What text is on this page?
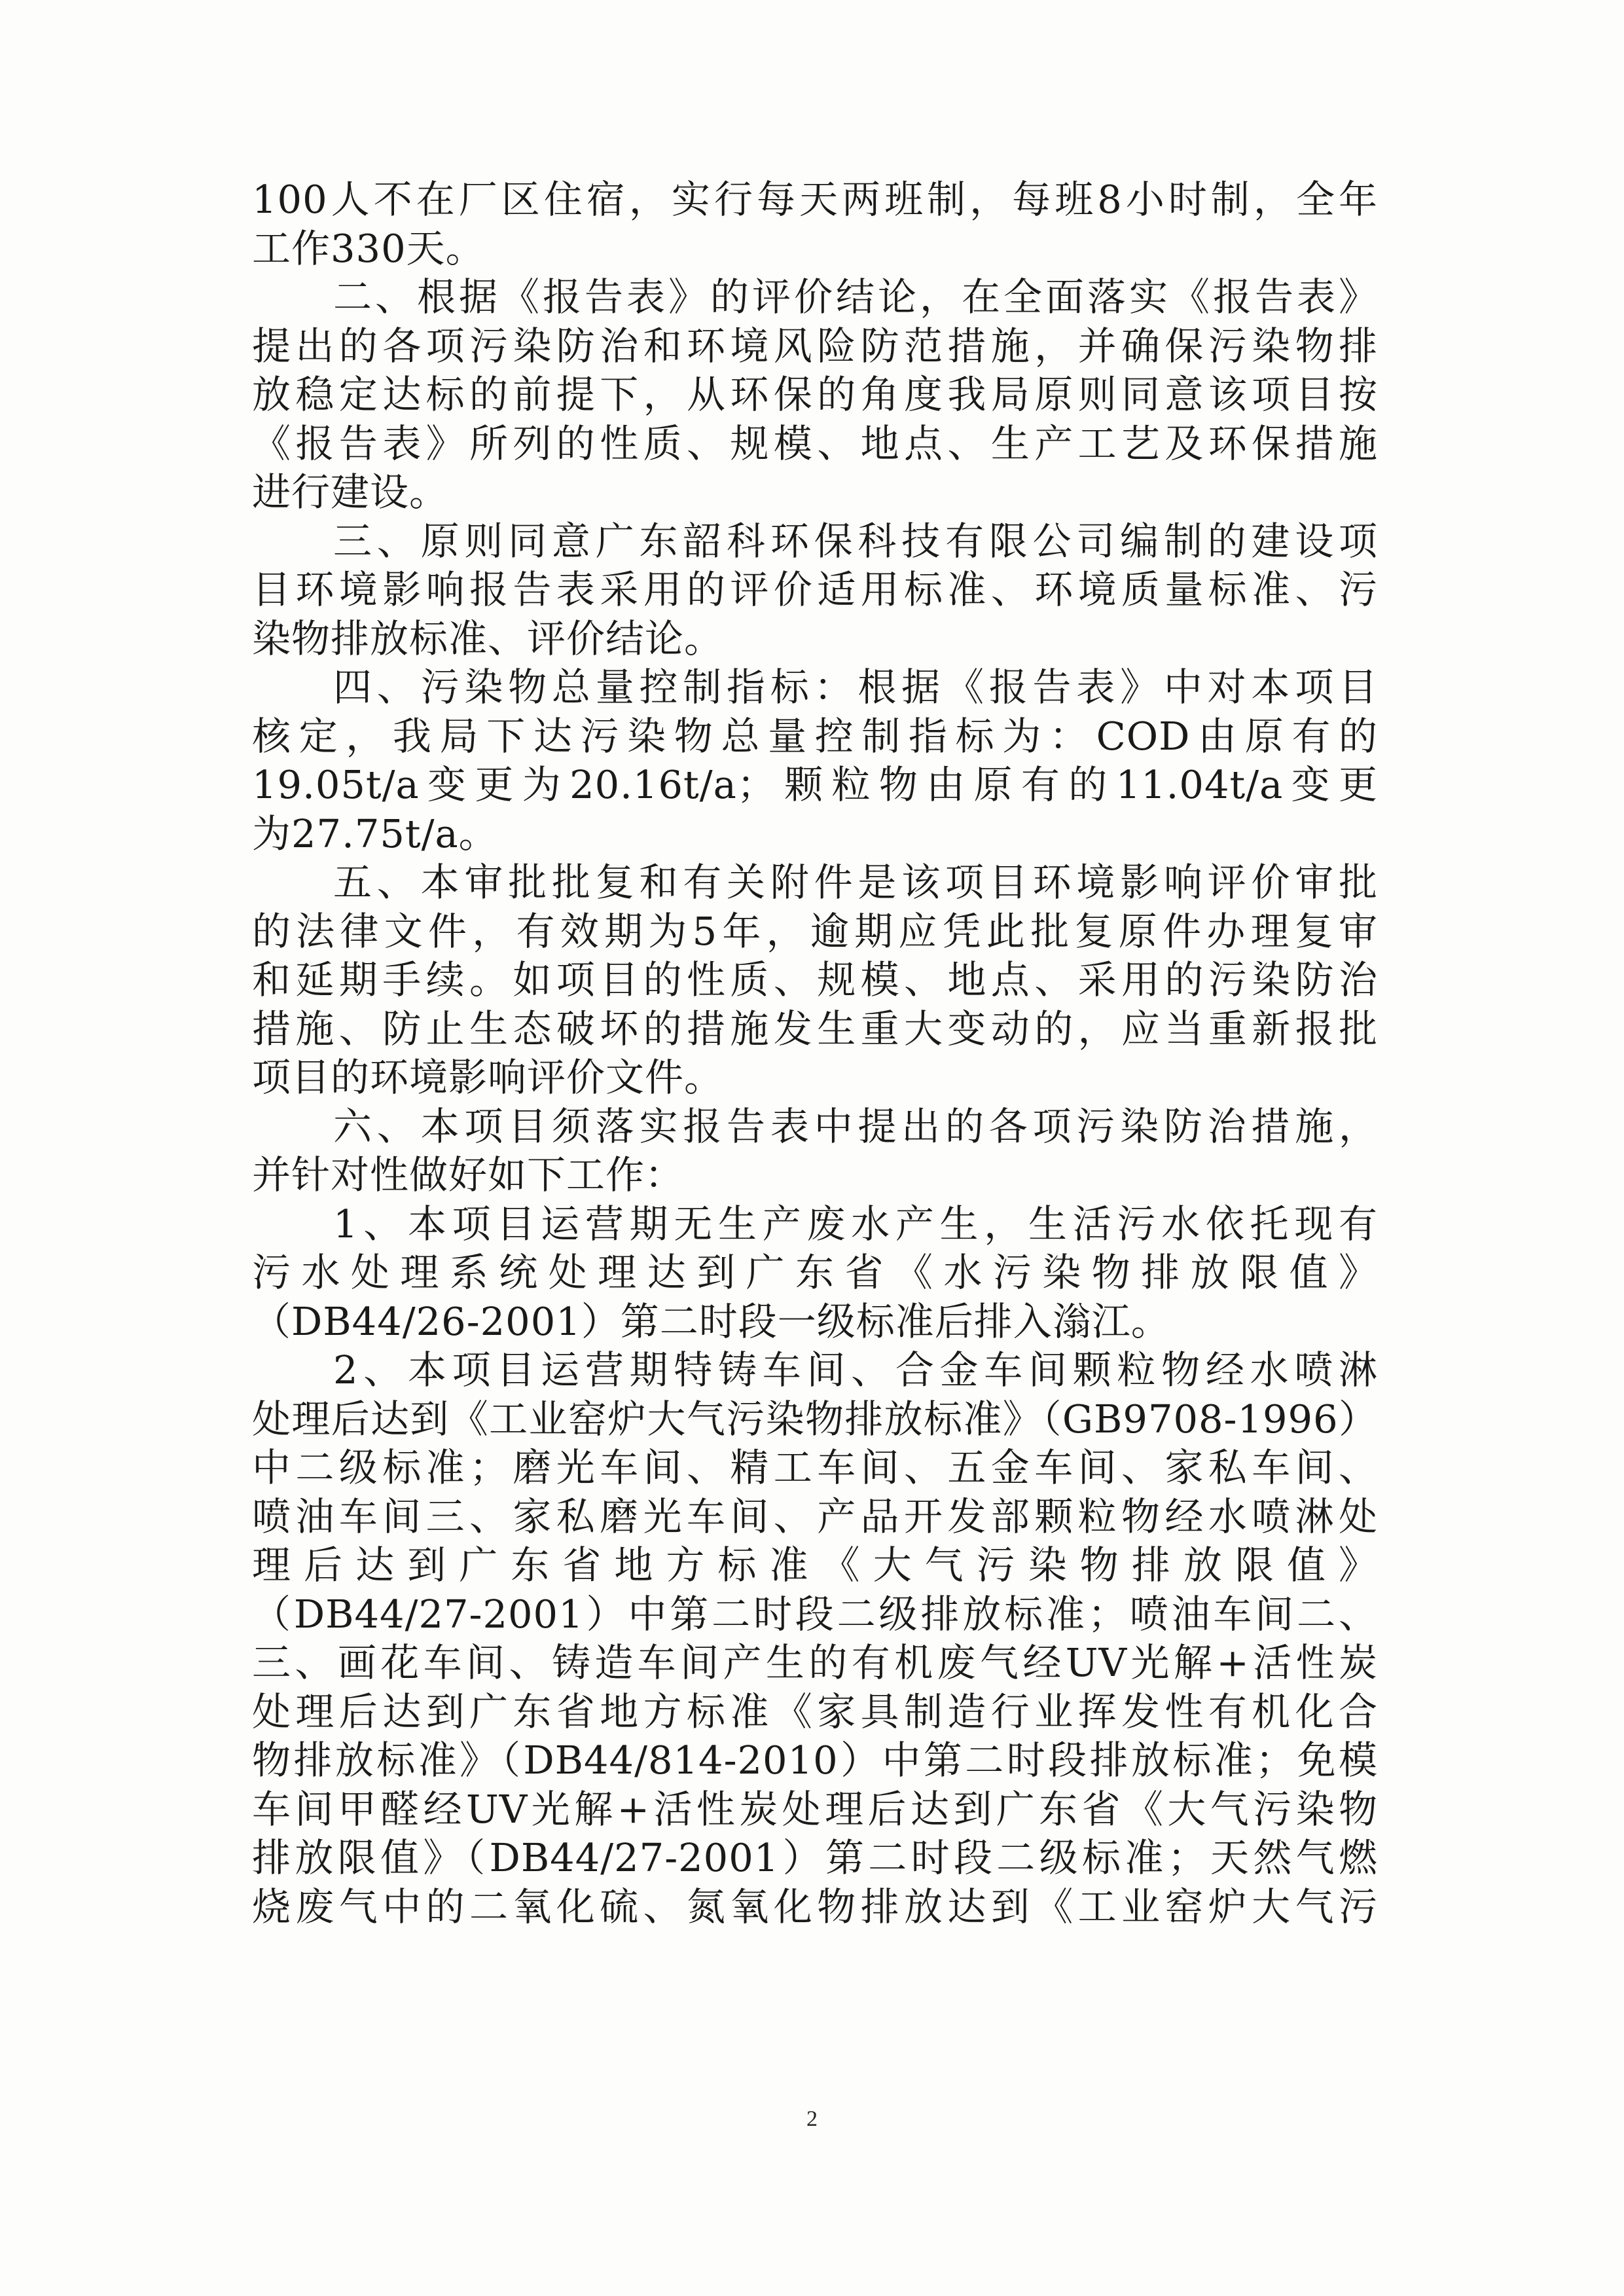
100人不在厂区住宿，实行每天两班制，每班8小时制，全年
工作330天。
二、根据《报告表》的评价结论，在全面落实《报告表》
提出的各项污染防治和环境风险防范措施，并确保污染物排
放稳定达标的前提下，从环保的角度我局原则同意该项目按
《报告表》所列的性质、规模、地点、生产工艺及环保措施
进行建设。
三、原则同意广东韶科环保科技有限公司编制的建设项
目环境影响报告表采用的评价适用标准、环境质量标准、污
染物排放标准、评价结论。
四、污染物总量控制指标：根据《报告表》中对本项目
核定，我局下达污染物总量控制指标为：COD由原有的
19.05t/a变更为20.16t/a；颗粒物由原有的11.04t/a变更
为27.75t/a。
五、本审批批复和有关附件是该项目环境影响评价审批
的法律文件，有效期为5年，逾期应凭此批复原件办理复审
和延期手续。如项目的性质、规模、地点、采用的污染防治
措施、防止生态破坏的措施发生重大变动的，应当重新报批
项目的环境影响评价文件。
六、本项目须落实报告表中提出的各项污染防治措施，
并针对性做好如下工作：
1、本项目运营期无生产废水产生，生活污水依托现有
污水处理系统处理达到广东省《水污染物排放限值》
（DB44/26-2001）第二时段一级标准后排入滃江。
2、本项目运营期特铸车间、合金车间颗粒物经水喷淋
处理后达到《工业窑炉大气污染物排放标准》（GB9708-1996）
中二级标准；磨光车间、精工车间、五金车间、家私车间、
喷油车间三、家私磨光车间、产品开发部颗粒物经水喷淋处
理后达到广东省地方标准《大气污染物排放限值》
（DB44/27-2001）中第二时段二级排放标准；喷油车间二、
三、画花车间、铸造车间产生的有机废气经UV光解+活性炭
处理后达到广东省地方标准《家具制造行业挥发性有机化合
物排放标准》（DB44/814-2010）中第二时段排放标准；免模
车间甲醛经UV光解+活性炭处理后达到广东省《大气污染物
排放限值》（DB44/27-2001）第二时段二级标准；天然气燃
烧废气中的二氧化硫、氮氧化物排放达到《工业窑炉大气污
2
